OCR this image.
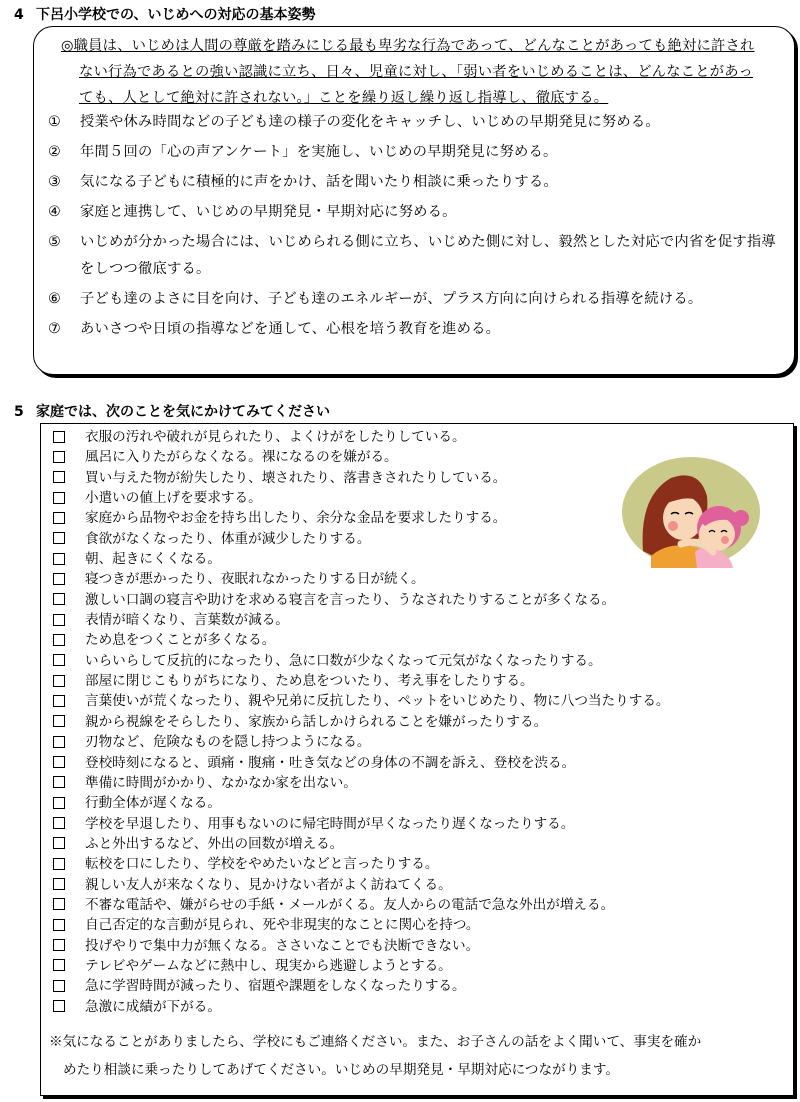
4 下呂小学校での、いじめへの対応の基本姿勢
◎職員は、いじめは人間の尊厳を踏みにじる最も卑劣な行為であって、どんなことがあっても絶対に許され
ない行為であるとの強い認識に立ち、日々、児童に対し、「弱い者をいじめることは、どんなことがあっ
ても、人として絶対に許されない。」ことを繰り返し繰り返し指導し、徹底する。
①	授業や休み時間などの子ども達の様子の変化をキャッチし、いじめの早期発見に努める。
②	年間５回の「心の声アンケート」を実施し、いじめの早期発見に努める。
③	気になる子どもに積極的に声をかけ、話を聞いたり相談に乗ったりする。
④	家庭と連携して、いじめの早期発見・早期対応に努める。
⑤	いじめが分かった場合には、いじめられる側に立ち、いじめた側に対し、毅然とした対応で内省を促す指導をしつつ徹底する。
⑥	子ども達のよさに目を向け、子ども達のエネルギーが、プラス方向に向けられる指導を続ける。
⑦	あいさつや日頃の指導などを通して、心根を培う教育を進める。
5 家庭では、次のことを気にかけてみてください
衣服の汚れや破れが見られたり、よくけがをしたりしている。
風呂に入りたがらなくなる。裸になるのを嫌がる。
買い与えた物が紛失したり、壊されたり、落書きされたりしている。
小遣いの値上げを要求する。
家庭から品物やお金を持ち出したり、余分な金品を要求したりする。
食欲がなくなったり、体重が減少したりする。
朝、起きにくくなる。
寝つきが悪かったり、夜眠れなかったりする日が続く。
激しい口調の寝言や助けを求める寝言を言ったり、うなされたりすることが多くなる。
表情が暗くなり、言葉数が減る。
ため息をつくことが多くなる。
いらいらして反抗的になったり、急に口数が少なくなって元気がなくなったりする。
部屋に閉じこもりがちになり、ため息をついたり、考え事をしたりする。
言葉使いが荒くなったり、親や兄弟に反抗したり、ペットをいじめたり、物に八つ当たりする。
親から視線をそらしたり、家族から話しかけられることを嫌がったりする。
刃物など、危険なものを隠し持つようになる。
登校時刻になると、頭痛・腹痛・吐き気などの身体の不調を訴え、登校を渋る。
準備に時間がかかり、なかなか家を出ない。
行動全体が遅くなる。
学校を早退したり、用事もないのに帰宅時間が早くなったり遅くなったりする。
ふと外出するなど、外出の回数が増える。
転校を口にしたり、学校をやめたいなどと言ったりする。
親しい友人が来なくなり、見かけない者がよく訪ねてくる。
不審な電話や、嫌がらせの手紙・メールがくる。友人からの電話で急な外出が増える。
自己否定的な言動が見られ、死や非現実的なことに関心を持つ。
投げやりで集中力が無くなる。ささいなことでも決断できない。
テレビやゲームなどに熱中し、現実から逃避しようとする。
急に学習時間が減ったり、宿題や課題をしなくなったりする。
急激に成績が下がる。
※気になることがありましたら、学校にもご連絡ください。また、お子さんの話をよく聞いて、事実を確か
めたり相談に乗ったりしてあげてください。いじめの早期発見・早期対応につながります。
